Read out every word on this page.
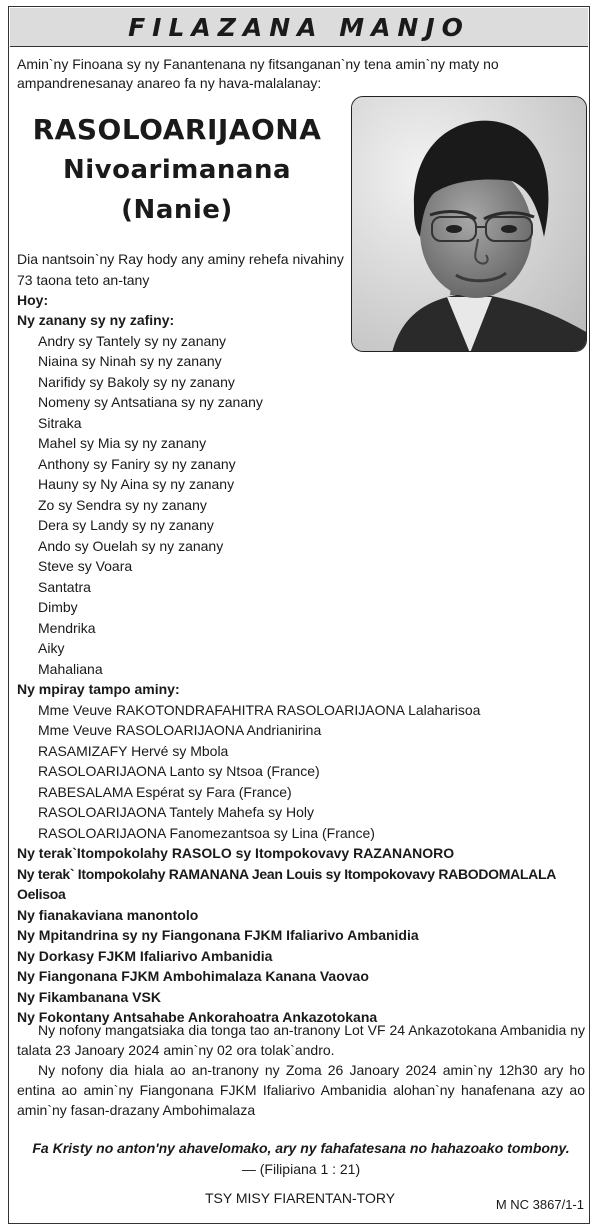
FILAZANA MANJO
Amin`ny Finoana sy ny Fanantenana ny fitsanganan`ny tena amin`ny maty no ampandrenesanay anareo fa ny hava-malalanay:
RASOLOARIJAONA
Nivoarimanana
(Nanie)
Dia nantsoin`ny Ray hody any aminy rehefa nivahiny
73 taona teto an-tany
Hoy:
Ny zanany sy ny zafiny:
Andry sy Tantely sy ny zanany
Niaina sy Ninah sy ny zanany
Narifidy sy Bakoly sy ny zanany
Nomeny sy Antsatiana sy ny zanany
Sitraka
Mahel sy Mia sy ny zanany
Anthony sy Faniry sy ny zanany
Hauny sy Ny Aina sy ny zanany
Zo sy Sendra sy ny zanany
Dera sy Landy sy ny zanany
Ando sy Ouelah sy ny zanany
Steve sy Voara
Santatra
Dimby
Mendrika
Aiky
Mahaliana
Ny mpiray tampo aminy:
Mme Veuve RAKOTONDRAFAHITRA RASOLOARIJAONA Lalaharisoa
Mme Veuve RASOLOARIJAONA Andrianirina
RASAMIZAFY Hervé sy Mbola
RASOLOARIJAONA Lanto sy Ntsoa (France)
RABESALAMA Espérat sy Fara (France)
RASOLOARIJAONA Tantely Mahefa sy Holy
RASOLOARIJAONA Fanomezantsoa sy Lina (France)
Ny terak`Itompokolahy RASOLO sy Itompokovavy RAZANANORO
Ny terak` Itompokolahy RAMANANA Jean Louis sy Itompokovavy RABODOMALALA Oelisoa
Ny fianakaviana manontolo
Ny Mpitandrina sy ny Fiangonana FJKM Ifaliarivo Ambanidia
Ny Dorkasy FJKM Ifaliarivo Ambanidia
Ny Fiangonana FJKM Ambohimalaza Kanana Vaovao
Ny Fikambanana VSK
Ny Fokontany Antsahabe Ankorahoatra Ankazotokana
Ny nofony mangatsiaka dia tonga tao an-tranony Lot VF 24 Ankazotokana Ambanidia ny talata 23 Janoary 2024 amin`ny 02 ora tolak`andro.
Ny nofony dia hiala ao an-tranony ny Zoma 26 Janoary 2024 amin`ny 12h30 ary ho entina ao amin`ny Fiangonana FJKM Ifaliarivo Ambanidia alohan`ny hanafenana azy ao amin`ny fasan-drazany Ambohimalaza
Fa Kristy no anton'ny ahavelomako, ary ny fahafatesana no hahazoako tombony.
— (Filipiana 1 : 21)
TSY MISY FIARENTAN-TORY	M NC 3867/1-1
